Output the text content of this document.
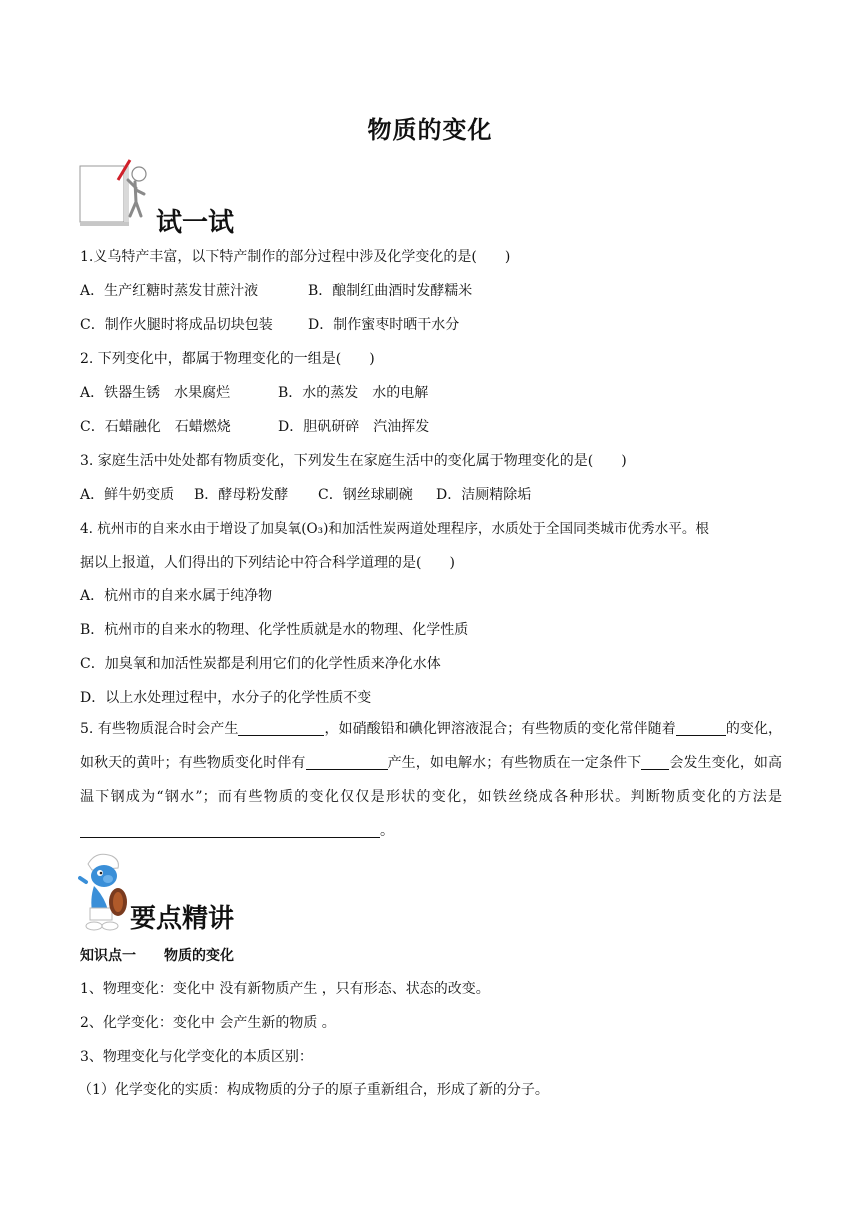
物质的变化
试一试
1.义乌特产丰富，以下特产制作的部分过程中涉及化学变化的是(　　)
A．生产红糖时蒸发甘蔗汁液	B．酿制红曲酒时发酵糯米
C．制作火腿时将成品切块包装	D．制作蜜枣时晒干水分
2. 下列变化中，都属于物理变化的一组是(　　)
A．铁器生锈　水果腐烂	B．水的蒸发　水的电解
C．石蜡融化　石蜡燃烧	D．胆矾研碎　汽油挥发
3. 家庭生活中处处都有物质变化，下列发生在家庭生活中的变化属于物理变化的是(　　)
A．鲜牛奶变质 B．酵母粉发酵 C．钢丝球刷碗 D．洁厕精除垢
4. 杭州市的自来水由于增设了加臭氧(O₃)和加活性炭两道处理程序，水质处于全国同类城市优秀水平。根
据以上报道，人们得出的下列结论中符合科学道理的是(　　)
A．杭州市的自来水属于纯净物
B．杭州市的自来水的物理、化学性质就是水的物理、化学性质
C．加臭氧和加活性炭都是利用它们的化学性质来净化水体
D．以上水处理过程中，水分子的化学性质不变
5. 有些物质混合时会产生	，如硝酸铅和碘化钾溶液混合；有些物质的变化常伴随着	的变化，如秋天的黄叶；有些物质变化时伴有	产生，如电解水；有些物质在一定条件下 会发生变化，如高温下钢成为“钢水”；而有些物质的变化仅仅是形状的变化，如铁丝绕成各种形状。判断物质变化的方法是。
要点精讲
知识点一　　物质的变化
1、物理变化：变化中 没有新物质产生 ，只有形态、状态的改变。
2、化学变化：变化中 会产生新的物质 。
3、物理变化与化学变化的本质区别：
（1）化学变化的实质：构成物质的分子的原子重新组合，形成了新的分子。
